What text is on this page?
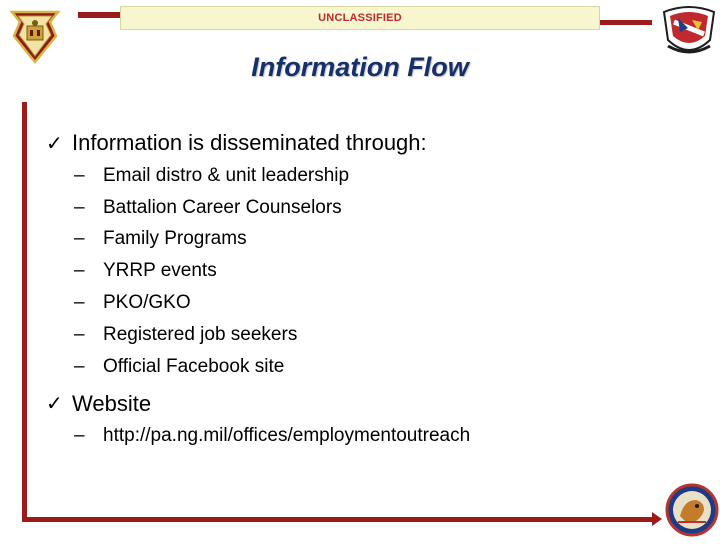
UNCLASSIFIED
Information Flow
✓ Information is disseminated through:
– Email distro & unit leadership
– Battalion Career Counselors
– Family Programs
– YRRP events
– PKO/GKO
– Registered job seekers
– Official Facebook site
✓ Website
– http://pa.ng.mil/offices/employmentoutreach
